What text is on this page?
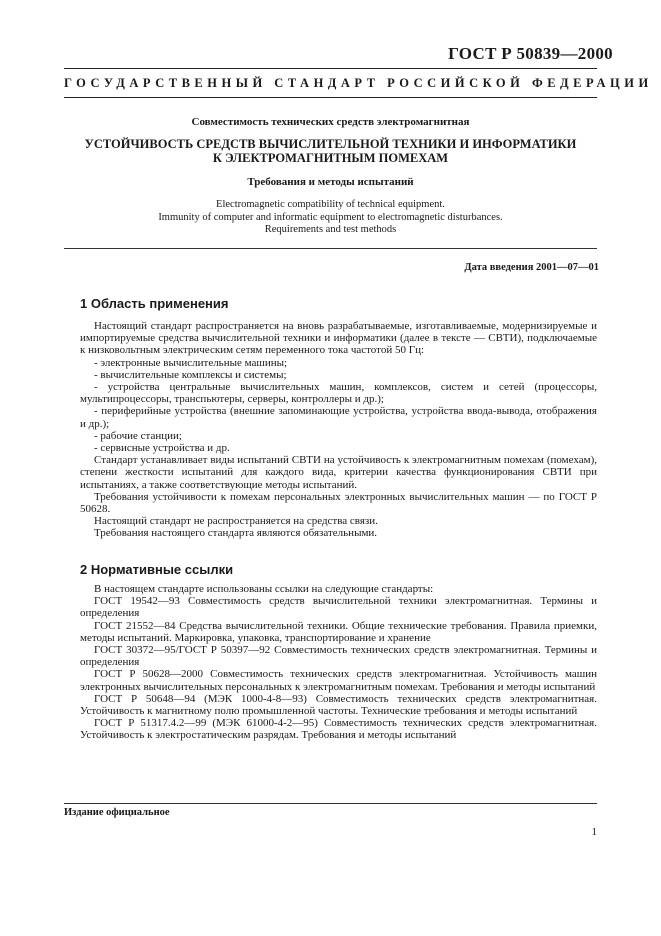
ГОСТ Р 50839—2000
ГОСУДАРСТВЕННЫЙ СТАНДАРТ РОССИЙСКОЙ ФЕДЕРАЦИИ
Совместимость технических средств электромагнитная
УСТОЙЧИВОСТЬ СРЕДСТВ ВЫЧИСЛИТЕЛЬНОЙ ТЕХНИКИ И ИНФОРМАТИКИ
К ЭЛЕКТРОМАГНИТНЫМ ПОМЕХАМ
Требования и методы испытаний
Electromagnetic compatibility of technical equipment.
Immunity of computer and informatic equipment to electromagnetic disturbances.
Requirements and test methods
Дата введения 2001—07—01
1 Область применения

Настоящий стандарт распространяется на вновь разрабатываемые, изготавливаемые, модернизируемые и импортируемые средства вычислительной техники и информатики (далее в тексте — СВТИ), подключаемые к низковольтным электрическим сетям переменного тока частотой 50 Гц:

- электронные вычислительные машины;

- вычислительные комплексы и системы;

- устройства центральные вычислительных машин, комплексов, систем и сетей (процессоры, мультипроцессоры, транспьютеры, серверы, контроллеры и др.);

- периферийные устройства (внешние запоминающие устройства, устройства ввода-вывода, отображения и др.);

- рабочие станции;

- сервисные устройства и др.

Стандарт устанавливает виды испытаний СВТИ на устойчивость к электромагнитным помехам (помехам), степени жесткости испытаний для каждого вида, критерии качества функционирования СВТИ при испытаниях, а также соответствующие методы испытаний.

Требования устойчивости к помехам персональных электронных вычислительных машин — по ГОСТ Р 50628.

Настоящий стандарт не распространяется на средства связи.

Требования настоящего стандарта являются обязательными.

2 Нормативные ссылки

В настоящем стандарте использованы ссылки на следующие стандарты:

ГОСТ 19542—93 Совместимость средств вычислительной техники электромагнитная. Термины и определения

ГОСТ 21552—84 Средства вычислительной техники. Общие технические требования. Правила приемки, методы испытаний. Маркировка, упаковка, транспортирование и хранение

ГОСТ 30372—95/ГОСТ Р 50397—92 Совместимость технических средств электромагнитная. Термины и определения

ГОСТ Р 50628—2000 Совместимость технических средств электромагнитная. Устойчивость машин электронных вычислительных персональных к электромагнитным помехам. Требования и методы испытаний

ГОСТ Р 50648—94 (МЭК 1000-4-8—93) Совместимость технических средств электромагнитная. Устойчивость к магнитному полю промышленной частоты. Технические требования и методы испытаний

ГОСТ Р 51317.4.2—99 (МЭК 61000-4-2—95) Совместимость технических средств электромагнитная. Устойчивость к электростатическим разрядам. Требования и методы испытаний

Издание официальное
1
